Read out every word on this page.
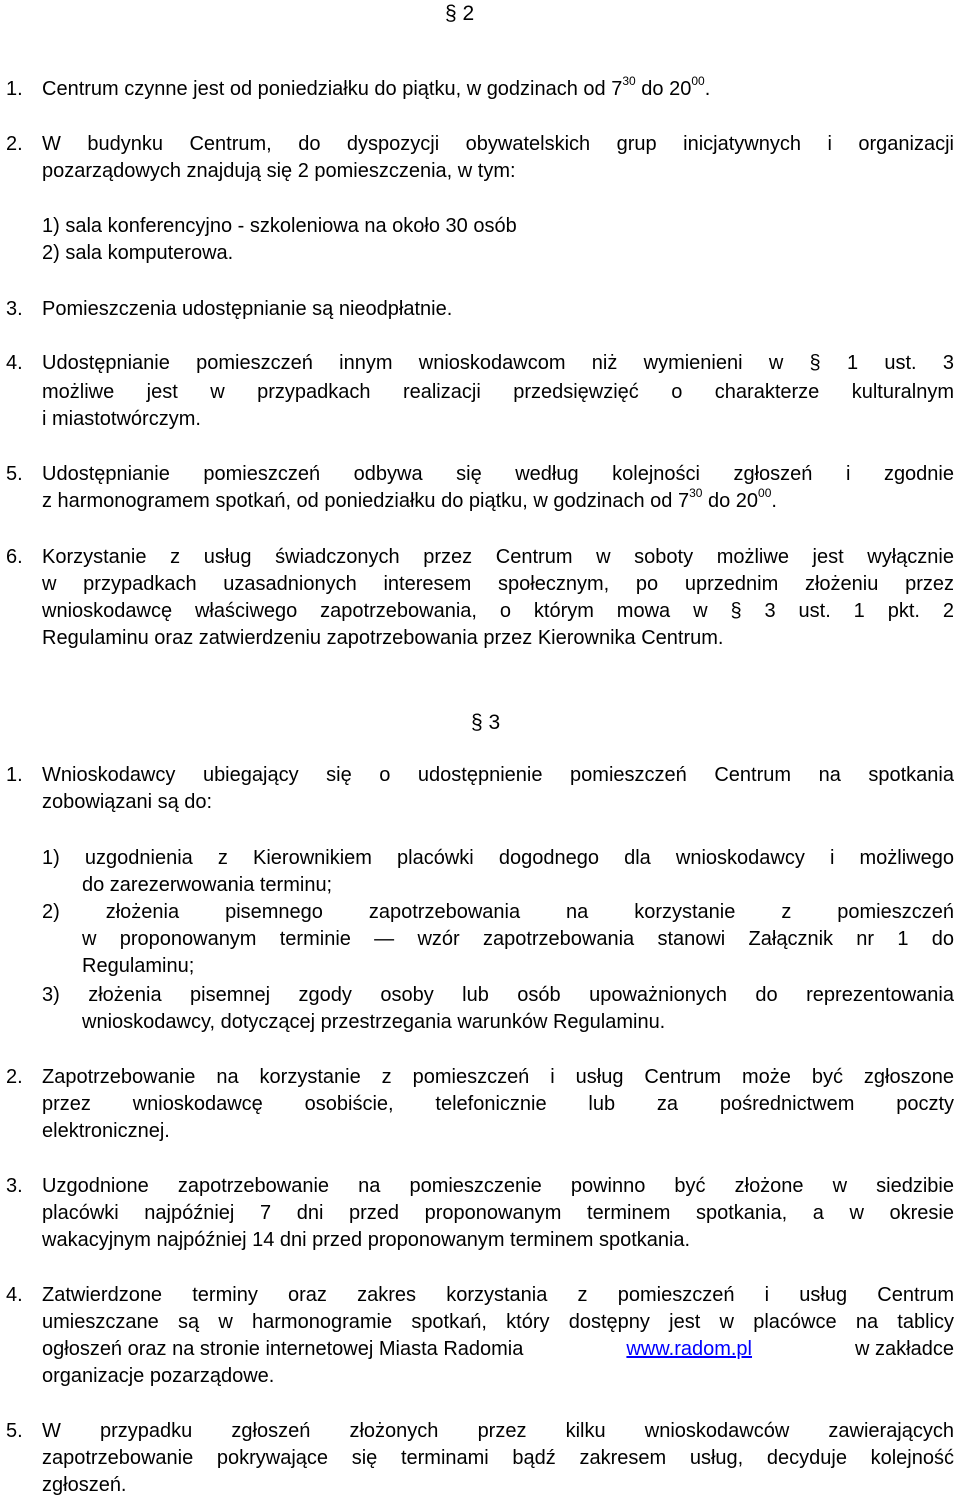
§ 2
1. Centrum czynne jest od poniedziałku do piątku, w godzinach od $7^{30}$ do $20^{00}$.
2. W budynku Centrum, do dyspozycji obywatelskich grup inicjatywnych i organizacji
pozarządowych znajdują się 2 pomieszczenia, w tym:
1) sala konferencyjno - szkoleniowa na około 30 osób
2) sala komputerowa.
3. Pomieszczenia udostępnianie są nieodpłatnie.
4. Udostępnianie pomieszczeń innym wnioskodawcom niż wymienieni w § 1 ust. 3
możliwe jest w przypadkach realizacji przedsięwzięć o charakterze kulturalnym
i miastotwórczym.
5. Udostępnianie pomieszczeń odbywa się według kolejności zgłoszeń i zgodnie
z harmonogramem spotkań, od poniedziałku do piątku, w godzinach od $7^{30}$ do $20^{00}$.
6. Korzystanie z usług świadczonych przez Centrum w soboty możliwe jest wyłącznie
w przypadkach uzasadnionych interesem społecznym, po uprzednim złożeniu przez
wnioskodawcę właściwego zapotrzebowania, o którym mowa w § 3 ust. 1 pkt. 2
Regulaminu oraz zatwierdzeniu zapotrzebowania przez Kierownika Centrum.
§ 3
1. Wnioskodawcy ubiegający się o udostępnienie pomieszczeń Centrum na spotkania
zobowiązani są do:
1) uzgodnienia z Kierownikiem placówki dogodnego dla wnioskodawcy i możliwego
do zarezerwowania terminu;
2) złożenia pisemnego zapotrzebowania na korzystanie z pomieszczeń
w proponowanym terminie — wzór zapotrzebowania stanowi Załącznik nr 1 do
Regulaminu;
3) złożenia pisemnej zgody osoby lub osób upoważnionych do reprezentowania
wnioskodawcy, dotyczącej przestrzegania warunków Regulaminu.
2. Zapotrzebowanie na korzystanie z pomieszczeń i usług Centrum może być zgłoszone
przez wnioskodawcę osobiście, telefonicznie lub za pośrednictwem poczty
elektronicznej.
3. Uzgodnione zapotrzebowanie na pomieszczenie powinno być złożone w siedzibie
placówki najpóźniej 7 dni przed proponowanym terminem spotkania, a w okresie
wakacyjnym najpóźniej 14 dni przed proponowanym terminem spotkania.
4. Zatwierdzone terminy oraz zakres korzystania z pomieszczeń i usług Centrum
umieszczane są w harmonogramie spotkań, który dostępny jest w placówce na tablicy
ogłoszeń oraz na stronie internetowej Miasta Radomia	www.radom.pl	w zakładce
organizacje pozarządowe.
5. W przypadku zgłoszeń złożonych przez kilku wnioskodawców zawierających
zapotrzebowanie pokrywające się terminami bądź zakresem usług, decyduje kolejność
zgłoszeń.
